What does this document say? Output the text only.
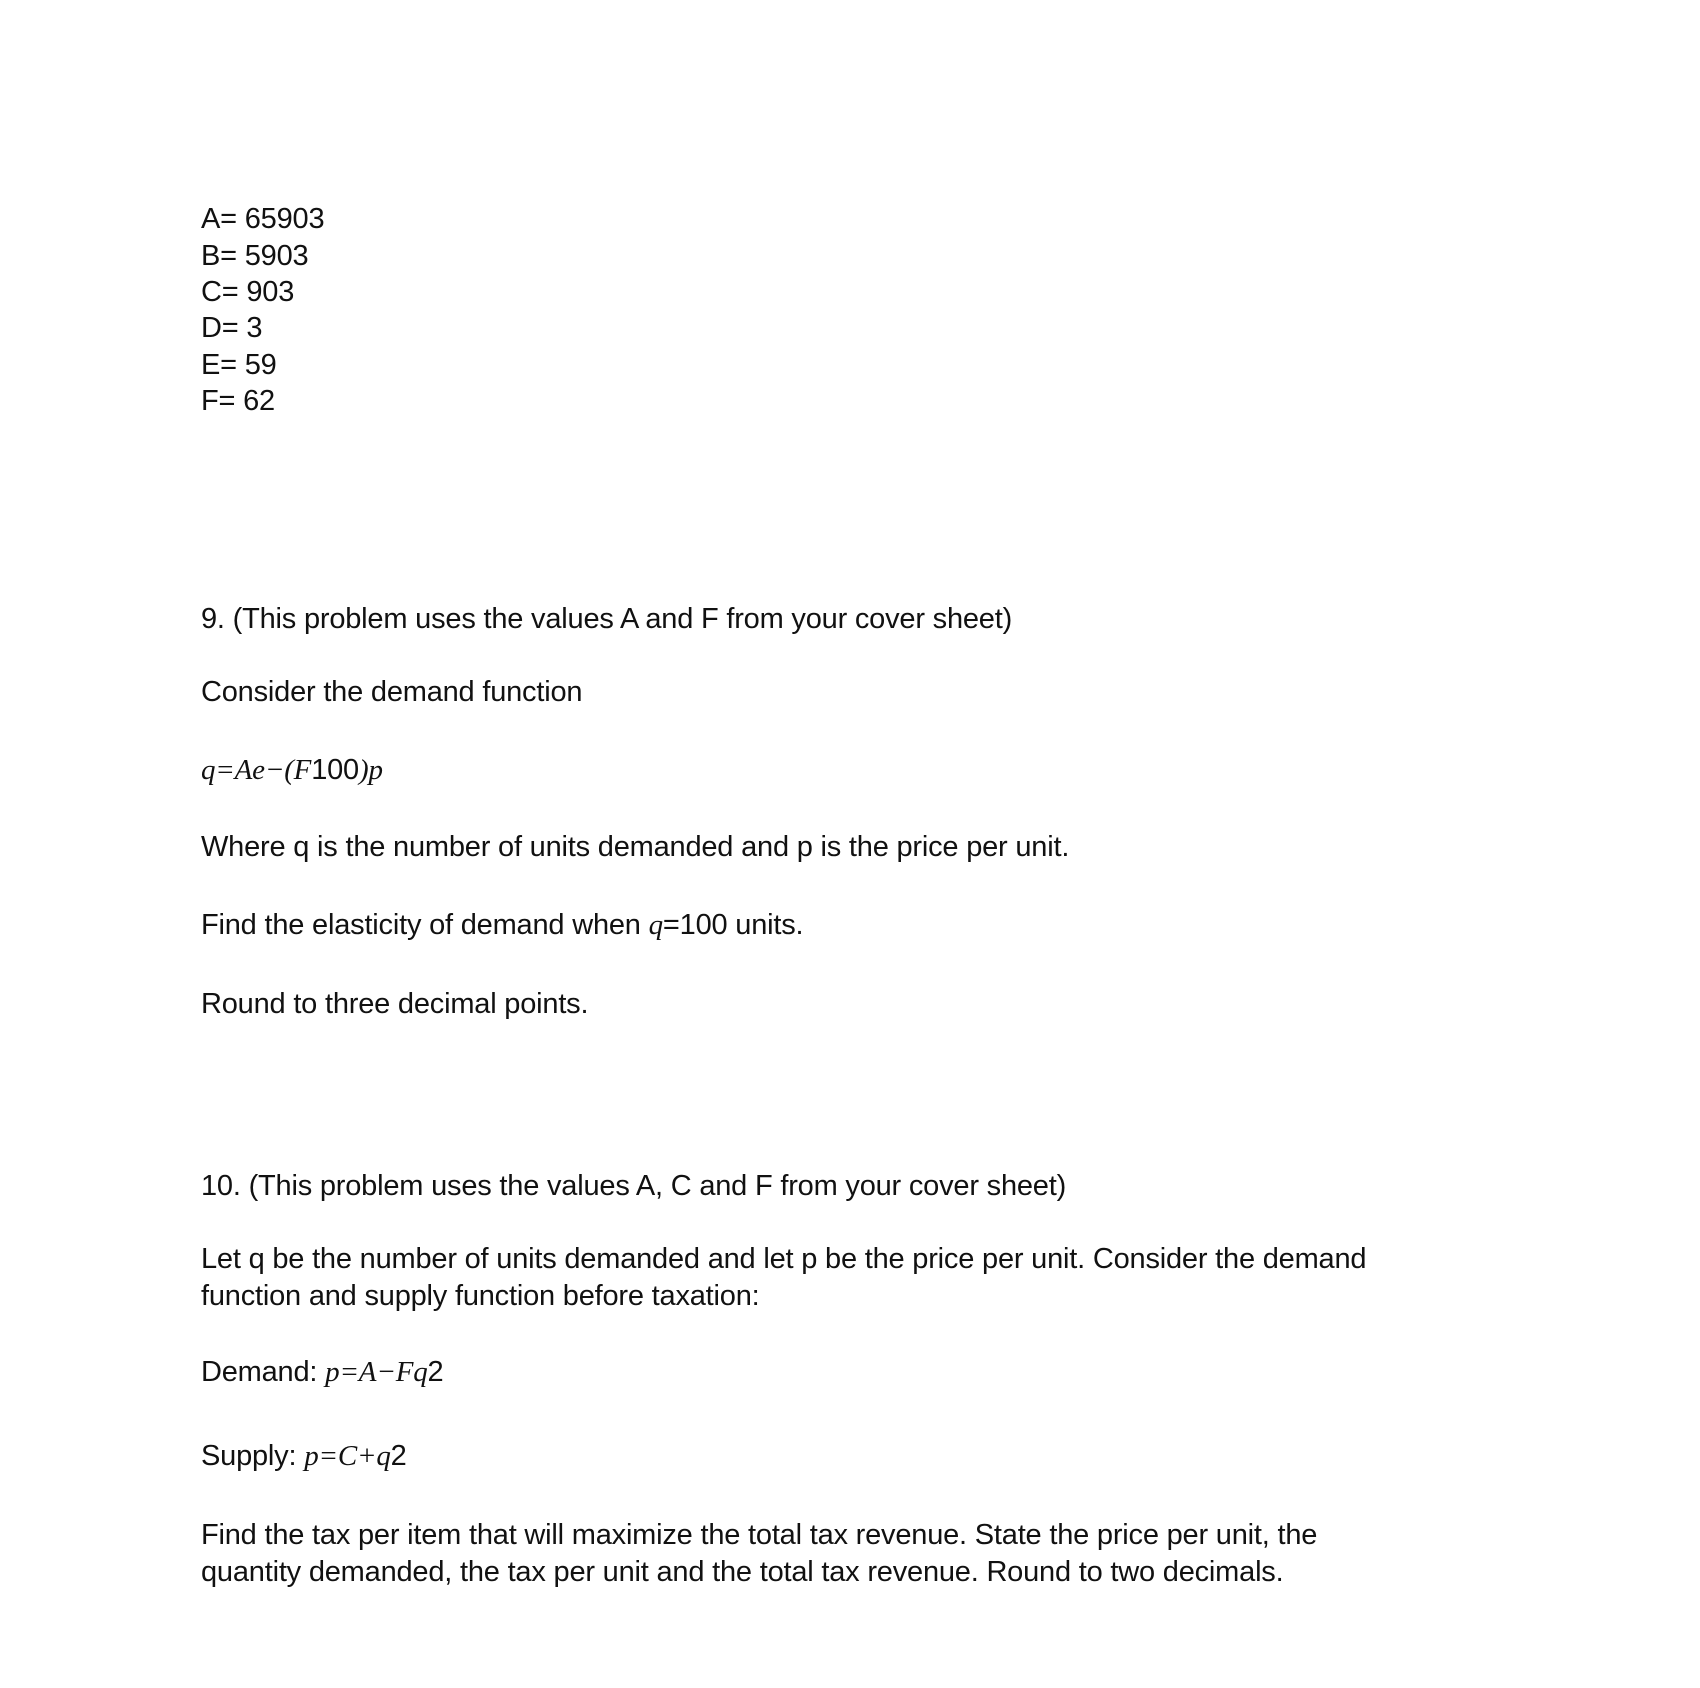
A= 65903
B= 5903
C= 903
D= 3
E= 59
F= 62
9. (This problem uses the values A and F from your cover sheet)
Consider the demand function
q=Ae−(F100)p
Where q is the number of units demanded and p is the price per unit.
Find the elasticity of demand when q=100 units.
Round to three decimal points.
10. (This problem uses the values A, C and F from your cover sheet)
Let q be the number of units demanded and let p be the price per unit. Consider the demand
function and supply function before taxation:
Demand: p=A−Fq2
Supply: p=C+q2
Find the tax per item that will maximize the total tax revenue. State the price per unit, the
quantity demanded, the tax per unit and the total tax revenue. Round to two decimals.
